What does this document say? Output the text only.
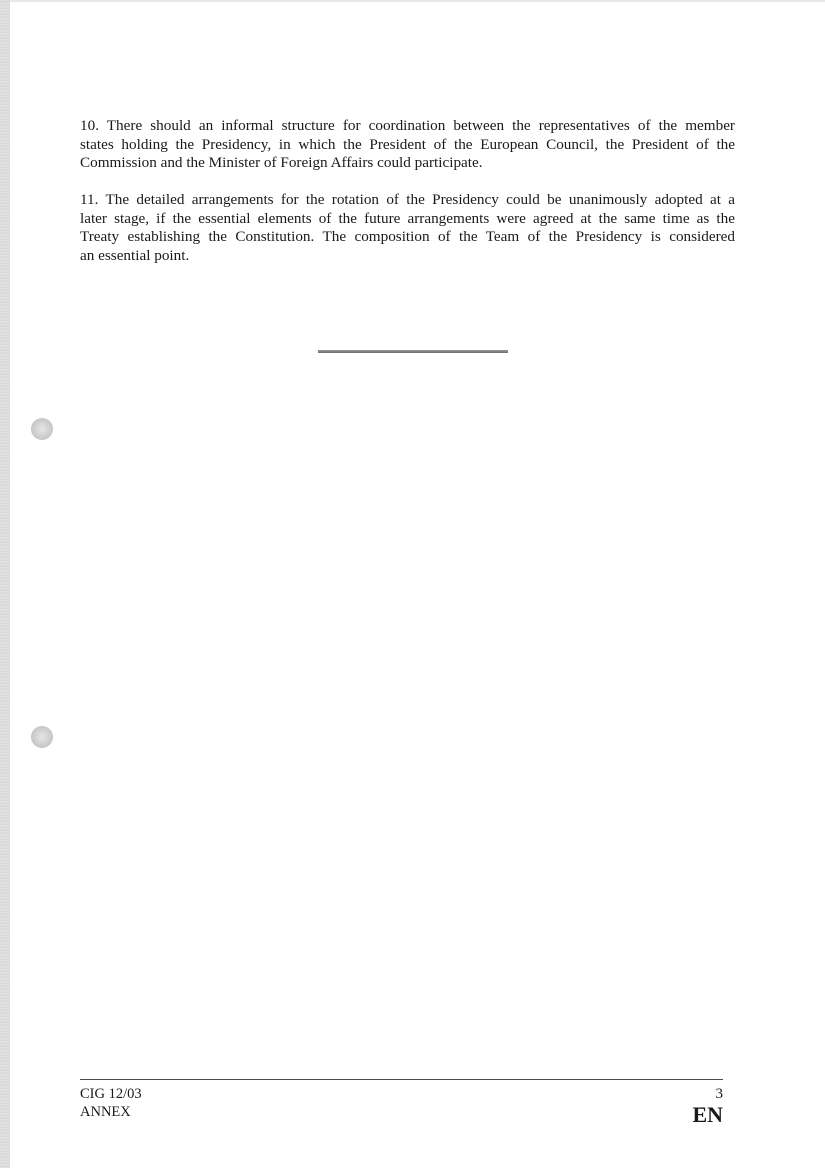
10. There should an informal structure for coordination between the representatives of the member
states holding the Presidency, in which the President of the European Council, the President of the
Commission and the Minister of Foreign Affairs could participate.
11. The detailed arrangements for the rotation of the Presidency could be unanimously adopted at a
later stage, if the essential elements of the future arrangements were agreed at the same time as the
Treaty establishing the Constitution. The composition of the Team of the Presidency is considered
an essential point.
CIG 12/03
ANNEX
3
EN
